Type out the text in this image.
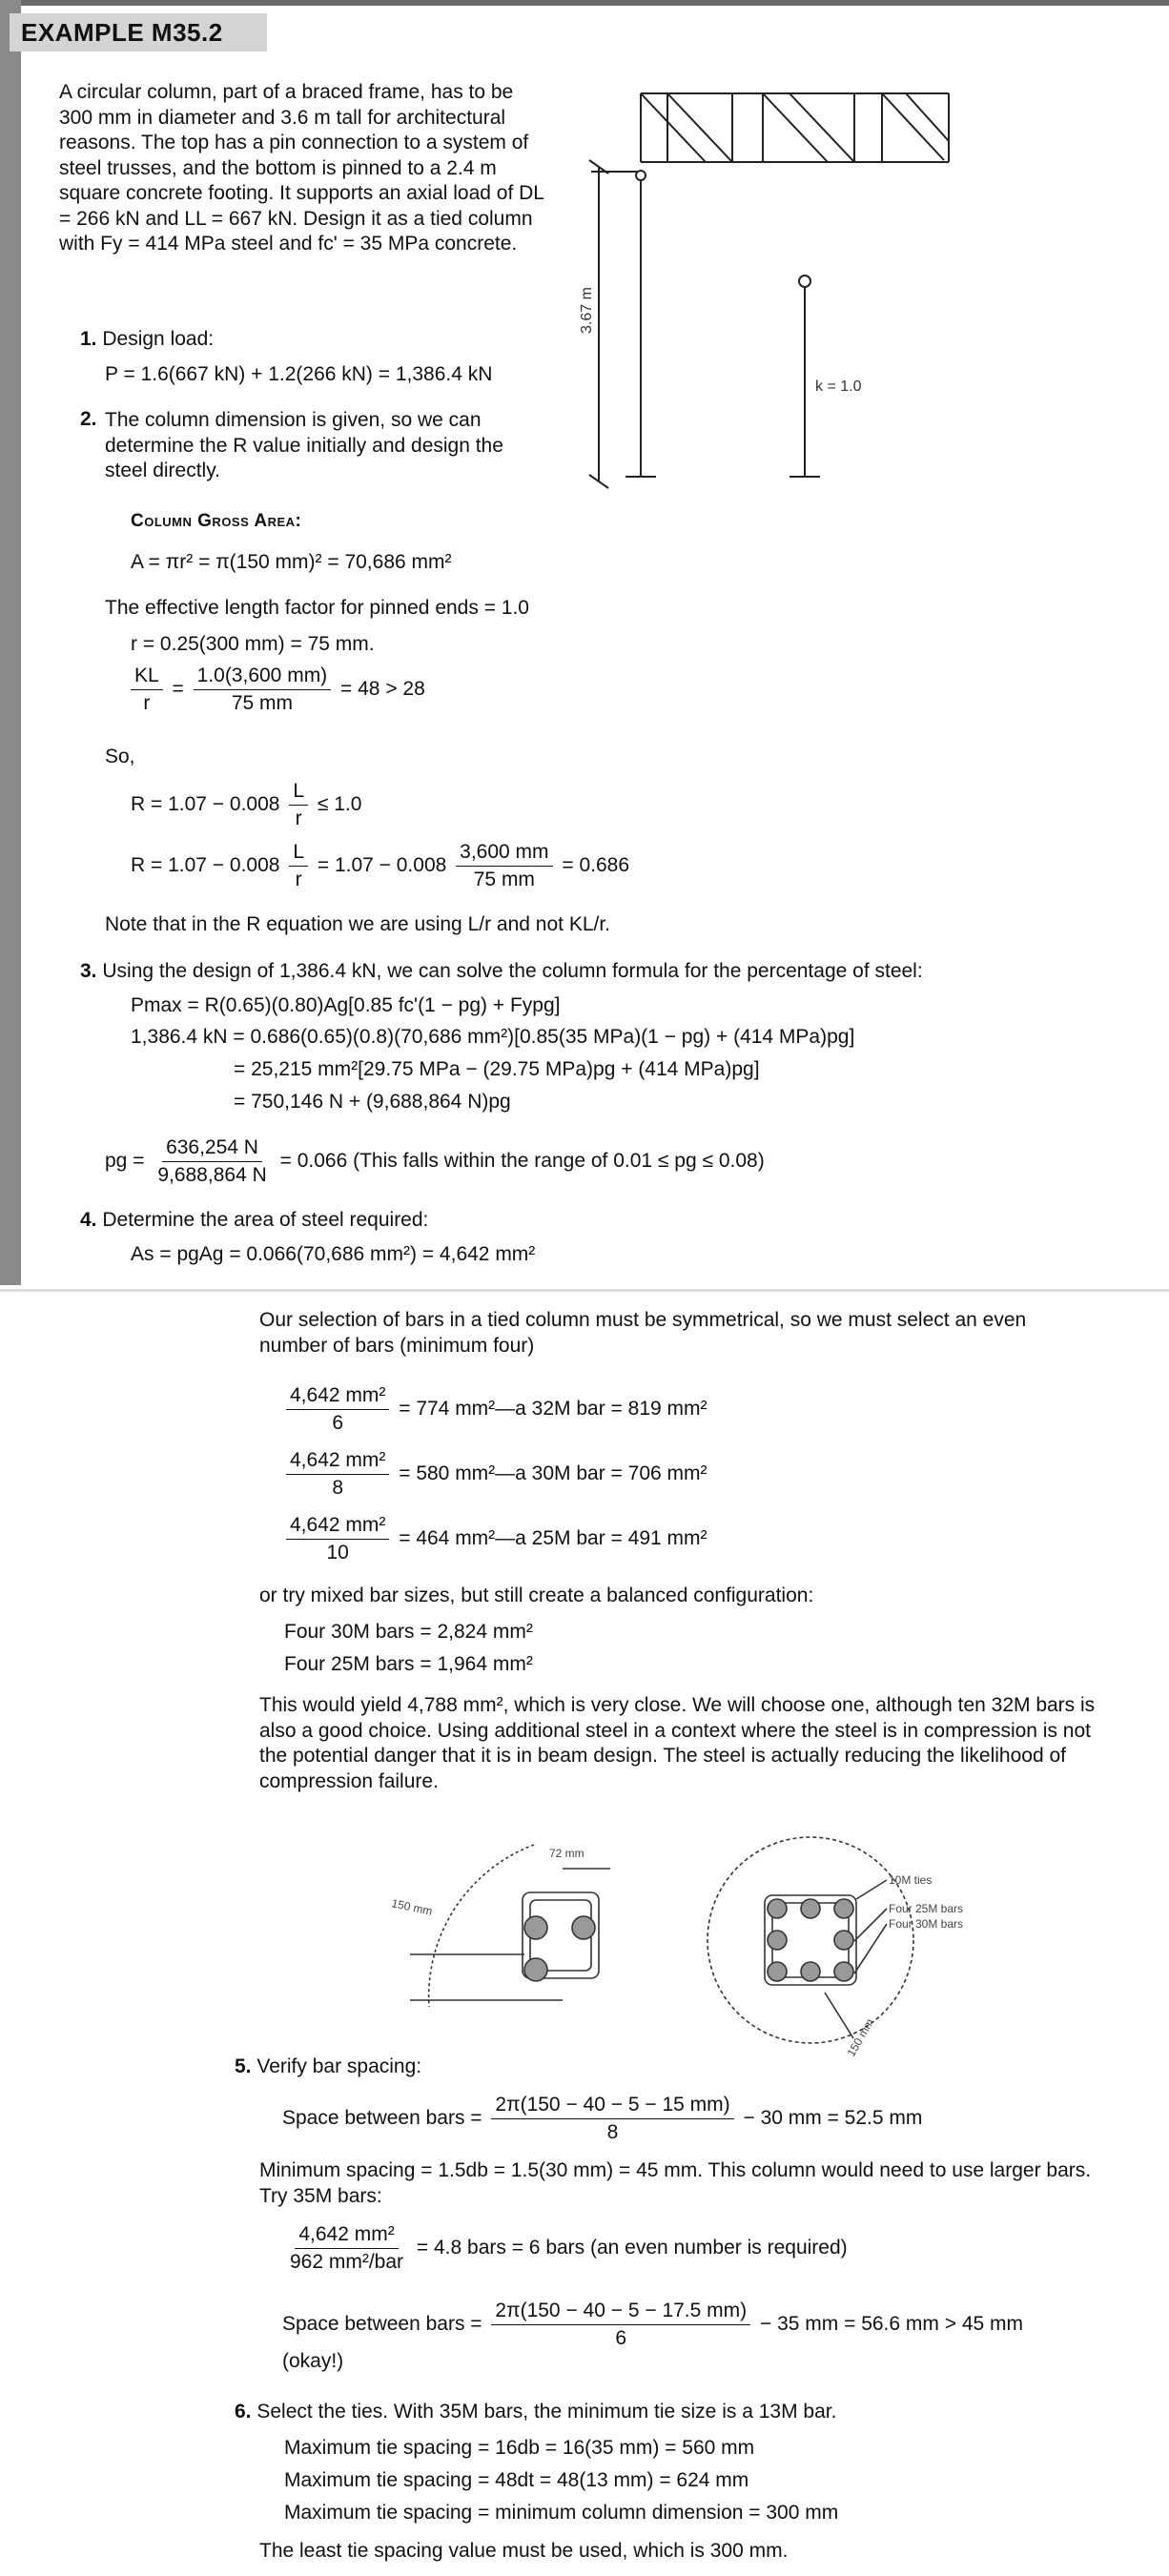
EXAMPLE M35.2
A circular column, part of a braced frame, has to be 300 mm in diameter and 3.6 m tall for architectural reasons. The top has a pin connection to a system of steel trusses, and the bottom is pinned to a 2.4 m square concrete footing. It supports an axial load of DL = 266 kN and LL = 667 kN. Design it as a tied column with Fy = 414 MPa steel and fc' = 35 MPa concrete.
3.67 m
k = 1.0
1. Design load:
P = 1.6(667 kN) + 1.2(266 kN) = 1,386.4 kN
2. The column dimension is given, so we can determine the R value initially and design the steel directly.
Column Gross Area:
A = πr² = π(150 mm)² = 70,686 mm²
The effective length factor for pinned ends = 1.0
r = 0.25(300 mm) = 75 mm.
$\frac{KL}{r} = \frac{1.0(3,600 mm)}{75 mm} = 48 > 28$
So,
$R = 1.07 - 0.008 \frac{L}{r} \le 1.0$
$R = 1.07 - 0.008 \frac{L}{r} = 1.07 - 0.008 \frac{3,600 mm}{75 mm} = 0.686$
Note that in the R equation we are using L/r and not KL/r.
3. Using the design of 1,386.4 kN, we can solve the column formula for the percentage of steel:
Pmax = R(0.65)(0.80)Ag[0.85 fc'(1 − pg) + Fypg]
1,386.4 kN = 0.686(0.65)(0.8)(70,686 mm²)[0.85(35 MPa)(1 − pg) + (414 MPa)pg]
= 25,215 mm²[29.75 MPa − (29.75 MPa)pg + (414 MPa)pg]
= 750,146 N + (9,688,864 N)pg
pg = $\frac{636,254 N}{9,688,864 N} = 0.066$ (This falls within the range of 0.01 ≤ pg ≤ 0.08)
4. Determine the area of steel required:
As = pgAg = 0.066(70,686 mm²) = 4,642 mm²
Our selection of bars in a tied column must be symmetrical, so we must select an even number of bars (minimum four)
$\frac{\text{4,642 mm²}}{6} = 774$ mm²—a 32M bar = 819 mm²
$\frac{\text{4,642 mm²}}{8} = 580$ mm²—a 30M bar = 706 mm²
$\frac{\text{4,642 mm²}}{10} = 464$ mm²—a 25M bar = 491 mm²
or try mixed bar sizes, but still create a balanced configuration:
Four 30M bars = 2,824 mm²
Four 25M bars = 1,964 mm²
This would yield 4,788 mm², which is very close. We will choose one, although ten 32M bars is also a good choice. Using additional steel in a context where the steel is in compression is not the potential danger that it is in beam design. The steel is actually reducing the likelihood of compression failure.
150 mm
72 mm
10M ties
Four 25M bars
Four 30M bars
150 mm
5. Verify bar spacing:
Space between bars = $\frac{2\pi(150 - 40 - 5 - 15 mm)}{8} - 30$ mm = 52.5 mm
Minimum spacing = 1.5db = 1.5(30 mm) = 45 mm. This column would need to use larger bars. Try 35M bars:
$\frac{\text{4,642 mm²}}{\text{962 mm²/bar}} = 4.8$ bars = 6 bars (an even number is required)
Space between bars = $\frac{2\pi(150 - 40 - 5 - 17.5 mm)}{6} - 35$ mm = 56.6 mm > 45 mm
(okay!)
6. Select the ties. With 35M bars, the minimum tie size is a 13M bar.
Maximum tie spacing = 16db = 16(35 mm) = 560 mm
Maximum tie spacing = 48dt = 48(13 mm) = 624 mm
Maximum tie spacing = minimum column dimension = 300 mm
The least tie spacing value must be used, which is 300 mm.
